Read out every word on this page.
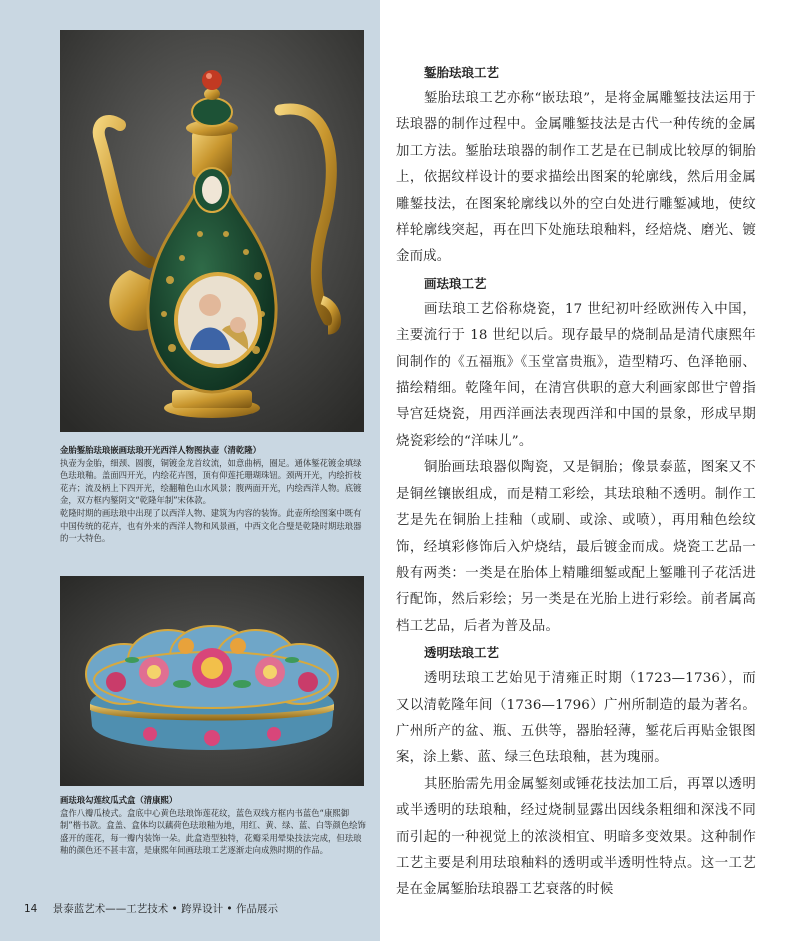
金胎錾胎珐琅嵌画珐琅开光西洋人物图执壶（清乾隆）

执壶为金胎，细颈、圆腹，铜镀金龙首纹流，如意曲柄，圈足。通体錾花镀金填绿色珐琅釉。盖面四开光，内绘花卉图，顶有仰莲托珊瑚珠钮。颈两开光，内绘折枝花卉；流及柄上下四开光，绘翻釉色山水风景；腹两面开光，内绘西洋人物。底镀金，双方框内錾阴文“乾隆年制”宋体款。

乾隆时期的画珐琅中出现了以西洋人物、建筑为内容的装饰。此壶所绘图案中既有中国传统的花卉，也有外来的西洋人物和风景画，中西文化合璧是乾隆时期珐琅器的一大特色。

画珐琅勾莲纹瓜式盒（清康熙）

盒作八瓣瓜棱式。盒底中心黄色珐琅饰莲花纹，蓝色双线方框内书蓝色“康熙御制”楷书款。盒盖、盒体均以藕荷色珐琅釉为地，用红、黄、绿、蓝、白等颜色绘饰盛开的莲花，每一瓣内装饰一朵。此盒造型独特，花瓣采用晕染技法完成，但珐琅釉的颜色还不甚丰富，是康熙年间画珐琅工艺逐渐走向成熟时期的作品。

14 景泰蓝艺术——工艺技术 • 跨界设计 • 作品展示
錾胎珐琅工艺

錾胎珐琅工艺亦称“嵌珐琅”，是将金属雕錾技法运用于珐琅器的制作过程中。金属雕錾技法是古代一种传统的金属加工方法。錾胎珐琅器的制作工艺是在已制成比较厚的铜胎上，依据纹样设计的要求描绘出图案的轮廓线，然后用金属雕錾技法，在图案轮廓线以外的空白处进行雕錾减地，使纹样轮廓线突起，再在凹下处施珐琅釉料，经焙烧、磨光、镀金而成。

画珐琅工艺

画珐琅工艺俗称烧瓷，17 世纪初叶经欧洲传入中国，主要流行于 18 世纪以后。现存最早的烧制品是清代康熙年间制作的《五福瓶》《玉堂富贵瓶》，造型精巧、色泽艳丽、描绘精细。乾隆年间，在清宫供职的意大利画家郎世宁曾指导宫廷烧瓷，用西洋画法表现西洋和中国的景象，形成早期烧瓷彩绘的“洋味儿”。

铜胎画珐琅器似陶瓷，又是铜胎；像景泰蓝，图案又不是铜丝镶嵌组成，而是精工彩绘，其珐琅釉不透明。制作工艺是先在铜胎上挂釉（或刷、或涂、或喷），再用釉色绘纹饰，经填彩修饰后入炉烧结，最后镀金而成。烧瓷工艺品一般有两类：一类是在胎体上精雕细錾或配上錾雕刊子花活进行配饰，然后彩绘；另一类是在光胎上进行彩绘。前者属高档工艺品，后者为普及品。

透明珐琅工艺

透明珐琅工艺始见于清雍正时期（1723—1736），而又以清乾隆年间（1736—1796）广州所制造的最为著名。广州所产的盆、瓶、五供等，器胎轻薄，錾花后再贴金银图案，涂上紫、蓝、绿三色珐琅釉，甚为瑰丽。

其胚胎需先用金属錾刻或锤花技法加工后，再罩以透明或半透明的珐琅釉，经过烧制显露出因线条粗细和深浅不同而引起的一种视觉上的浓淡相宜、明暗多变效果。这种制作工艺主要是利用珐琅釉料的透明或半透明性特点。这一工艺是在金属錾胎珐琅器工艺衰落的时候
